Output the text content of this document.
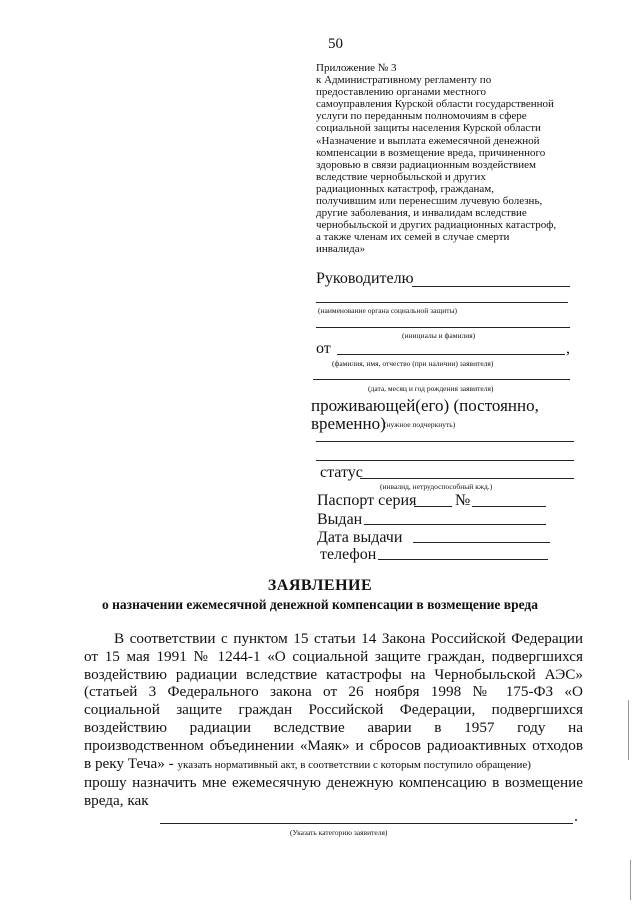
50
Приложение № 3
к Административному регламенту по
предоставлению органами местного
самоуправления Курской области государственной
услуги по переданным полномочиям в сфере
социальной защиты населения Курской области
«Назначение и выплата ежемесячной денежной
компенсации в возмещение вреда, причиненного
здоровью в связи радиационным воздействием
вследствие чернобыльской и других
радиационных катастроф, гражданам,
получившим или перенесшим лучевую болезнь,
другие заболевания, и инвалидам вследствие
чернобыльской и других радиационных катастроф,
а также членам их семей в случае смерти
инвалида»
Руководителю
(наименование органа социальной защиты)
(инициалы и фамилия)
от	,
(фамилия, имя, отчество (при наличии) заявителя)
(дата, месяц и год рождения заявителя)
проживающей(его) (постоянно,
временно)
(нужное подчеркнуть)
статус
(инвалид, нетрудоспособный кжд.)
Паспорт серия №
Выдан
Дата выдачи
телефон
ЗАЯВЛЕНИЕ
о назначении ежемесячной денежной компенсации в возмещение вреда
В соответствии с пунктом 15 статьи 14 Закона Российской Федерации
от 15 мая 1991 № 1244-1 «О социальной защите граждан, подвергшихся
воздействию радиации вследствие катастрофы на Чернобыльской АЭС»
(статьей 3 Федерального закона от 26 ноября 1998 № 175-ФЗ «О
социальной защите граждан Российской Федерации, подвергшихся
воздействию радиации вследствие аварии в 1957 году на
производственном объединении «Маяк» и сбросов радиоактивных отходов
в реку Теча» - указать нормативный акт, в соответствии с которым поступило обращение)
прошу назначить мне ежемесячную денежную компенсацию в возмещение
вреда, как
.
(Указать категорию заявителя)
